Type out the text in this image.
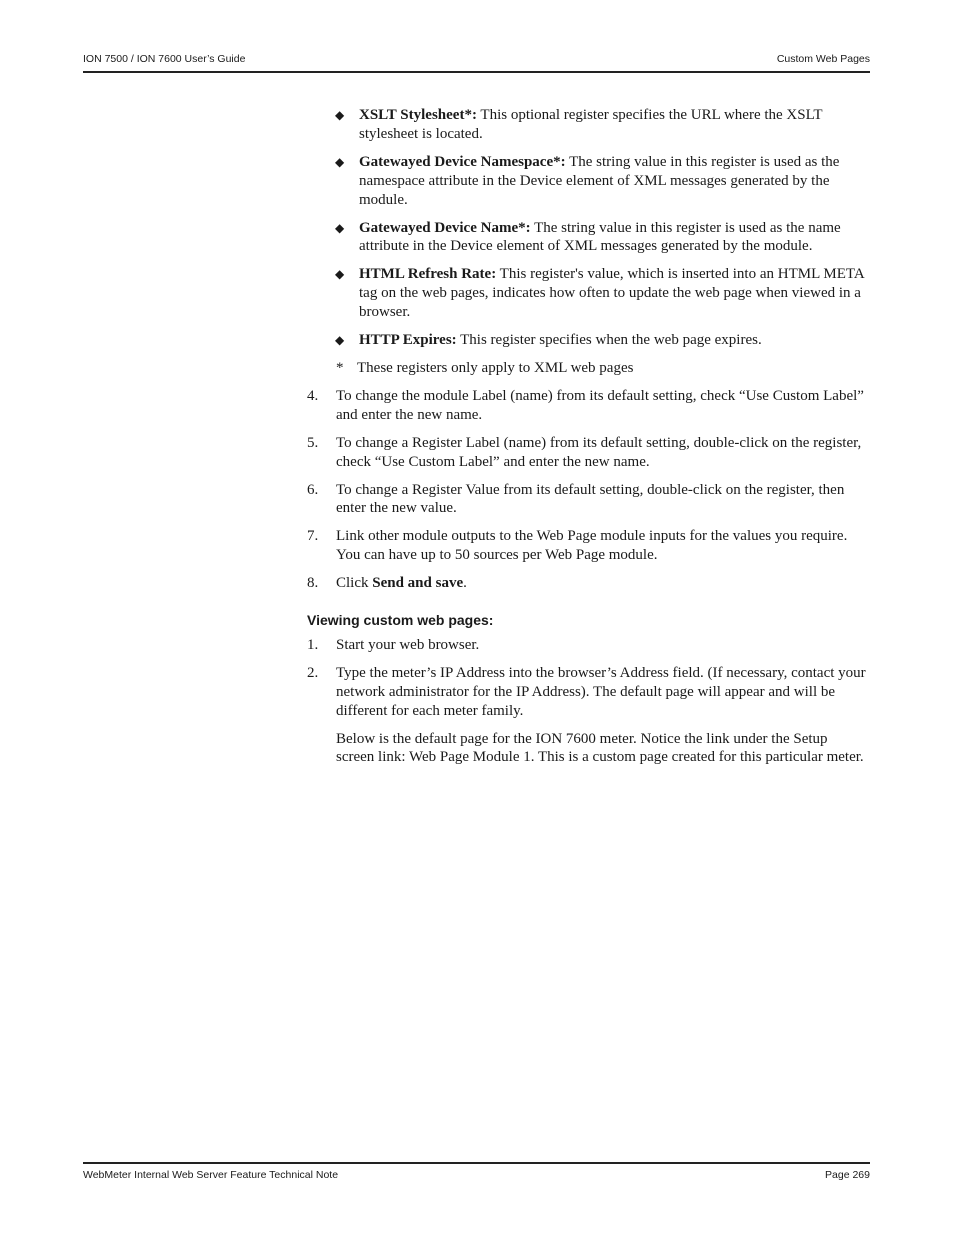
ION 7500 / ION 7600 User’s Guide	Custom Web Pages
◆ XSLT Stylesheet*: This optional register specifies the URL where the XSLT stylesheet is located.
◆ Gatewayed Device Namespace*: The string value in this register is used as the namespace attribute in the Device element of XML messages generated by the module.
◆ Gatewayed Device Name*: The string value in this register is used as the name attribute in the Device element of XML messages generated by the module.
◆ HTML Refresh Rate: This register's value, which is inserted into an HTML META tag on the web pages, indicates how often to update the web page when viewed in a browser.
◆ HTTP Expires: This register specifies when the web page expires.
* These registers only apply to XML web pages
4. To change the module Label (name) from its default setting, check “Use Custom Label” and enter the new name.
5. To change a Register Label (name) from its default setting, double-click on the register, check “Use Custom Label” and enter the new name.
6. To change a Register Value from its default setting, double-click on the register, then enter the new value.
7. Link other module outputs to the Web Page module inputs for the values you require. You can have up to 50 sources per Web Page module.
8. Click Send and save.
Viewing custom web pages:
1. Start your web browser.
2. Type the meter’s IP Address into the browser’s Address field. (If necessary, contact your network administrator for the IP Address). The default page will appear and will be different for each meter family.

Below is the default page for the ION 7600 meter. Notice the link under the Setup screen link: Web Page Module 1. This is a custom page created for this particular meter.

WebMeter Internal Web Server Feature Technical Note	Page 269
